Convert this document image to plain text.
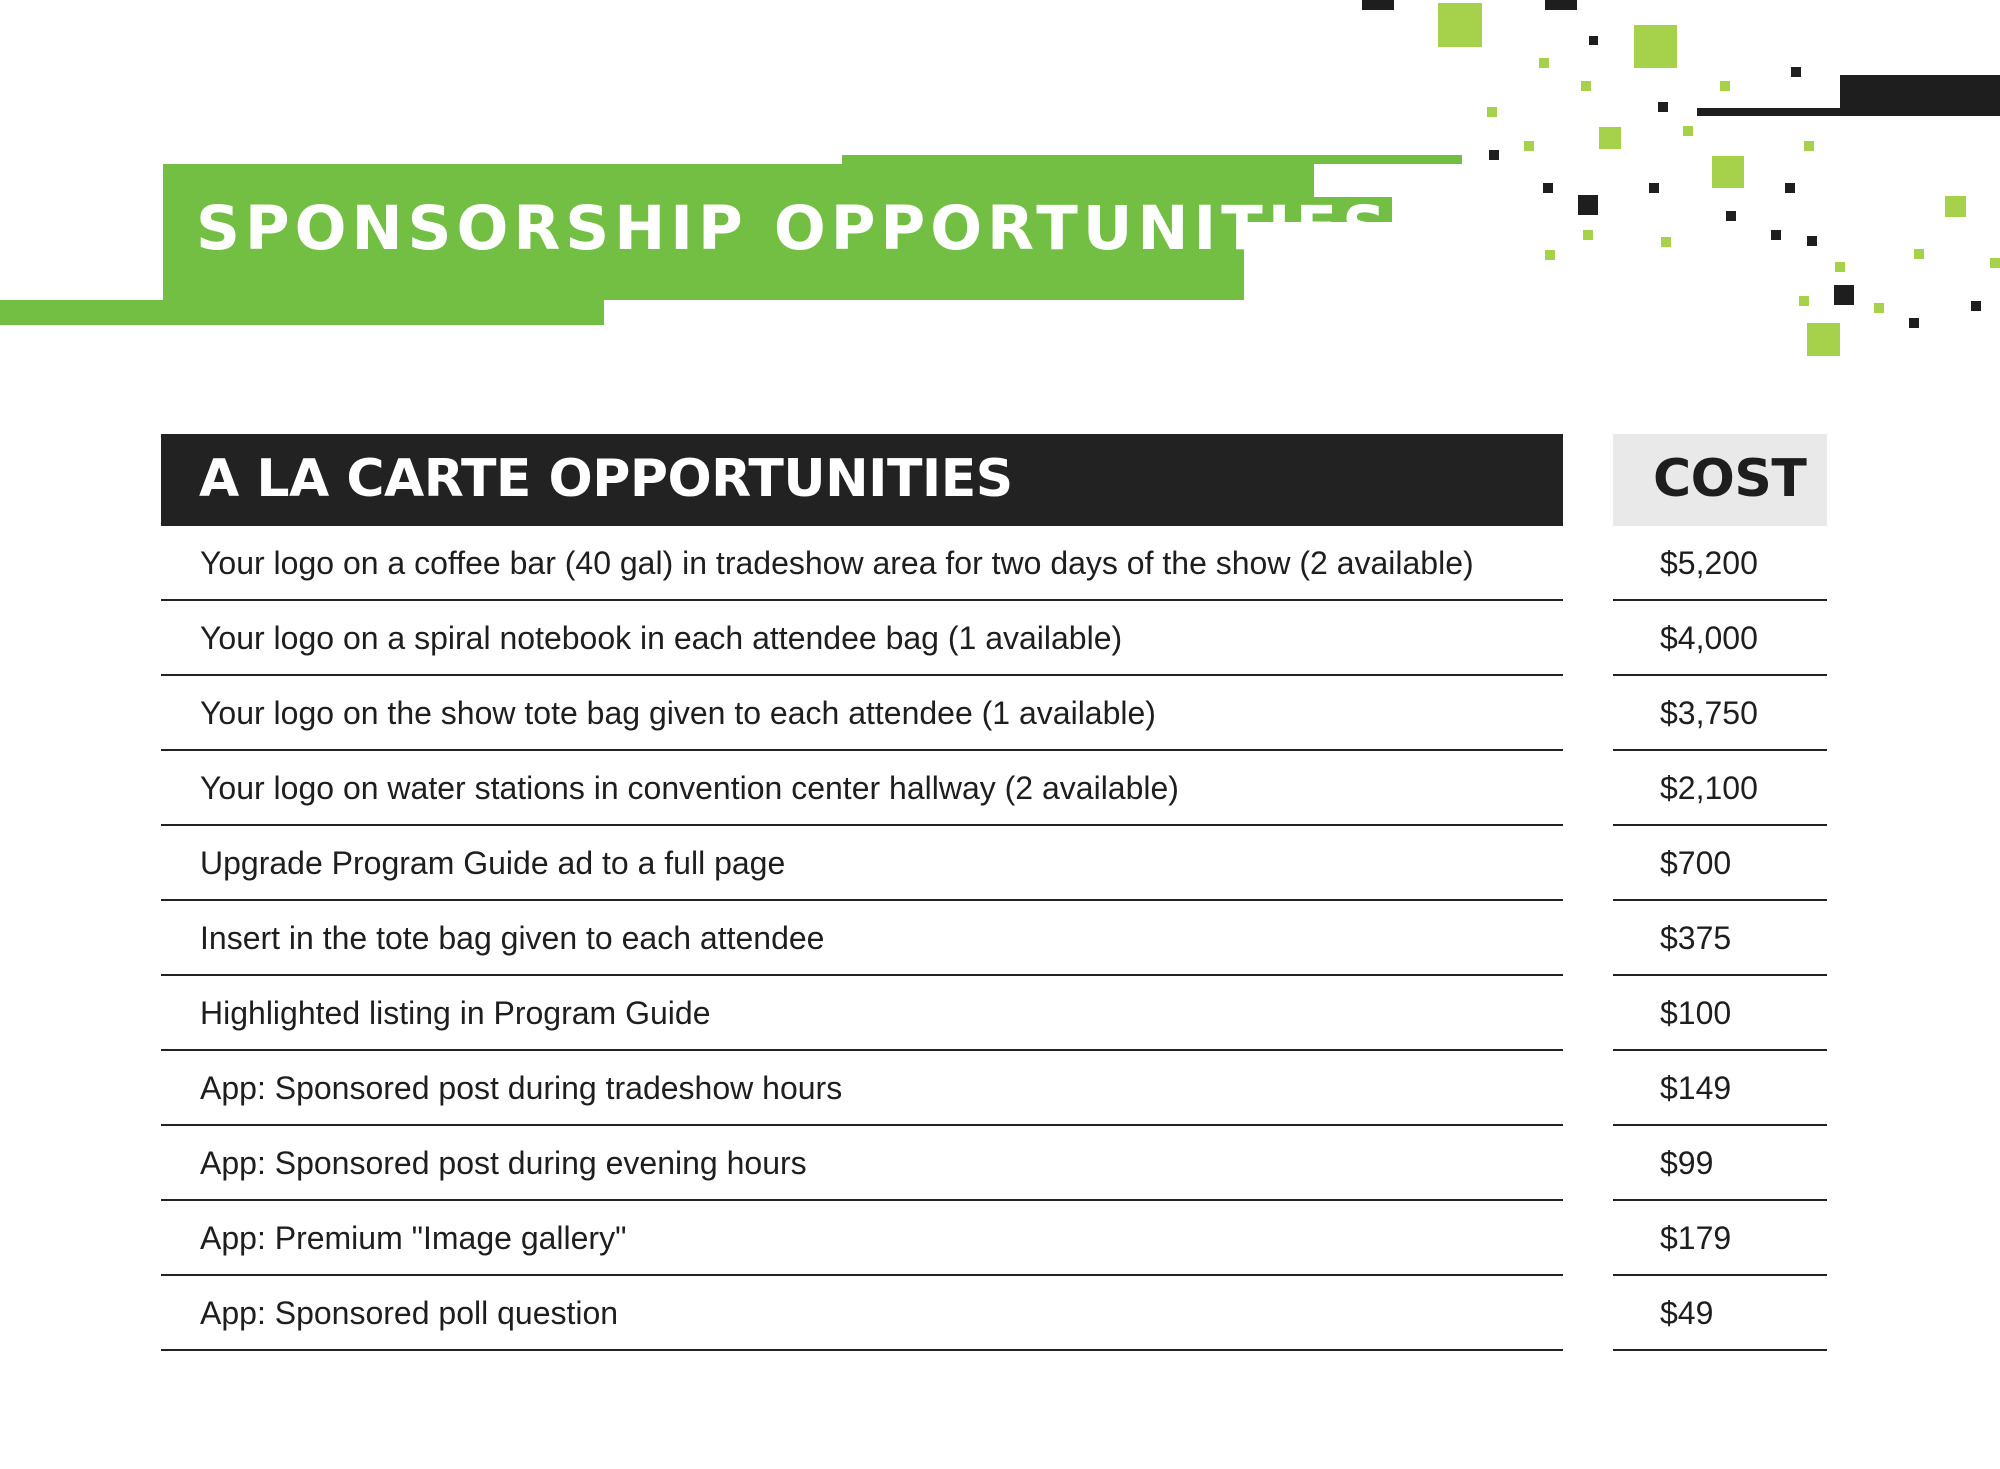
SPONSORSHIP OPPORTUNITIES
A LA CARTE OPPORTUNITIES	COST
Your logo on a coffee bar (40 gal) in tradeshow area for two days of the show (2 available)	$5,200
Your logo on a spiral notebook in each attendee bag (1 available)	$4,000
Your logo on the show tote bag given to each attendee (1 available)	$3,750
Your logo on water stations in convention center hallway (2 available)	$2,100
Upgrade Program Guide ad to a full page	$700
Insert in the tote bag given to each attendee	$375
Highlighted listing in Program Guide	$100
App: Sponsored post during tradeshow hours	$149
App: Sponsored post during evening hours	$99
App: Premium "Image gallery"	$179
App: Sponsored poll question	$49
